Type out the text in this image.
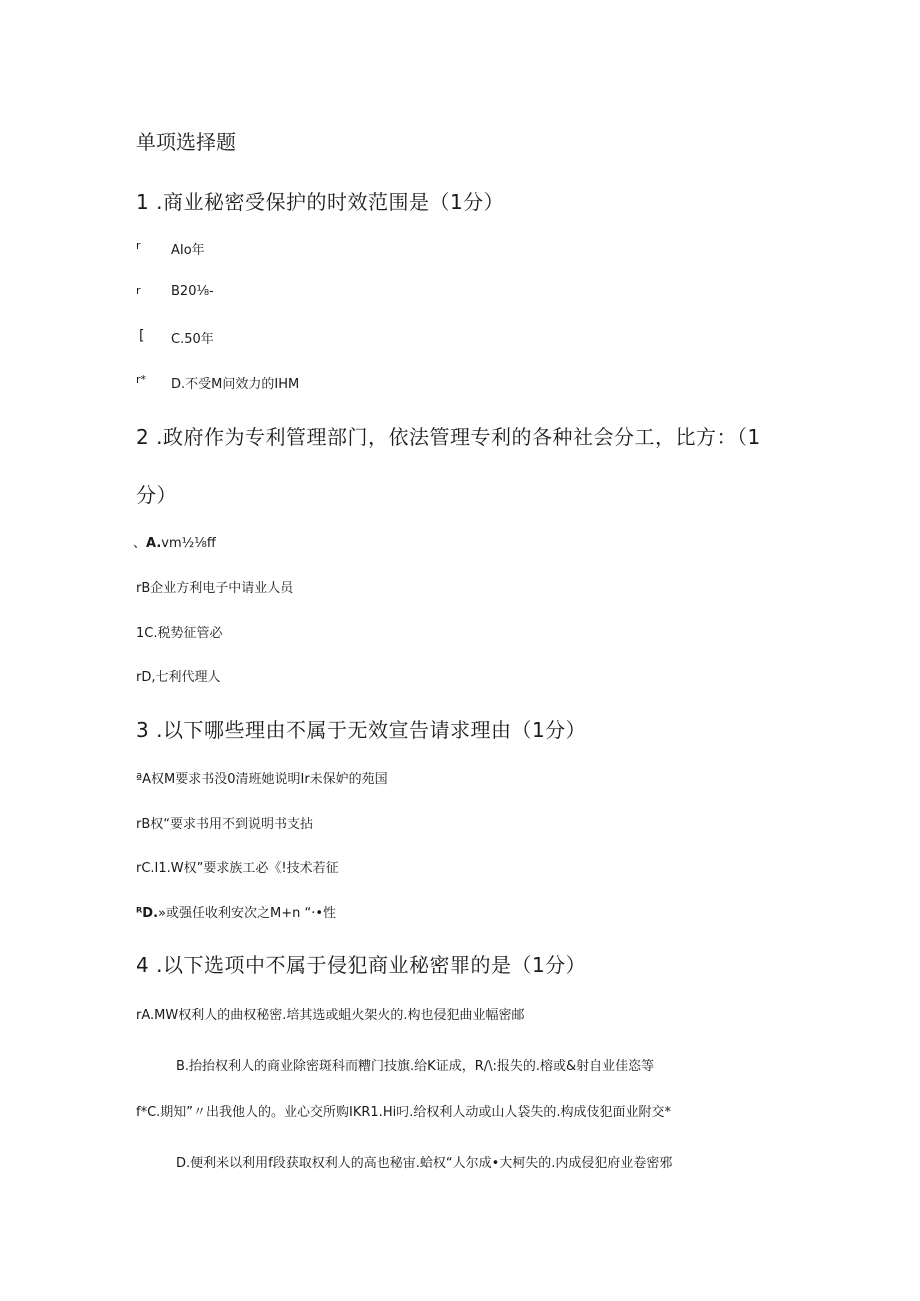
单项选择题
1 .商业秘密受保护的时效范围是（1分）
r AIo年
r B20⅛-
[ C.50年
r* D.不受M问效力的IHM
2 .政府作为专利管理部门，依法管理专利的各种社会分工，比方：（1
分）
、A.vm½⅛ff
rB企业方利电子中请业人员
1C.税势征管必
rD,七利代理人
3 .以下哪些理由不属于无效宣告请求理由（1分）
ªA权M要求书没0清班她说明Ir未保妒的苑国
rB权“要求书用不到说明书支拈
rC.I1.W权”要求族工必《!技术若征
ᴿD.»或强任收利安次之M+n “·•性
4 .以下选项中不属于侵犯商业秘密罪的是（1分）
rA.MW权利人的曲权秘密.培其选或蛆火架火的.构也侵犯曲业幅密邮
B.抬抬权利人的商业除密斑科而糟门技旗.给K证成，R∕\:报失的.榕或&射自业佳恣等
f*C.期知”〃出我他人的。业心交所购IKR1.Hi叼.给权利人动或山人袋失的.构成伎犯面业附交*
D.便利米以利用f段获取权利人的高也秘宙.蛤权“人尔成•大柯失的.内成侵犯府业卷密邪
